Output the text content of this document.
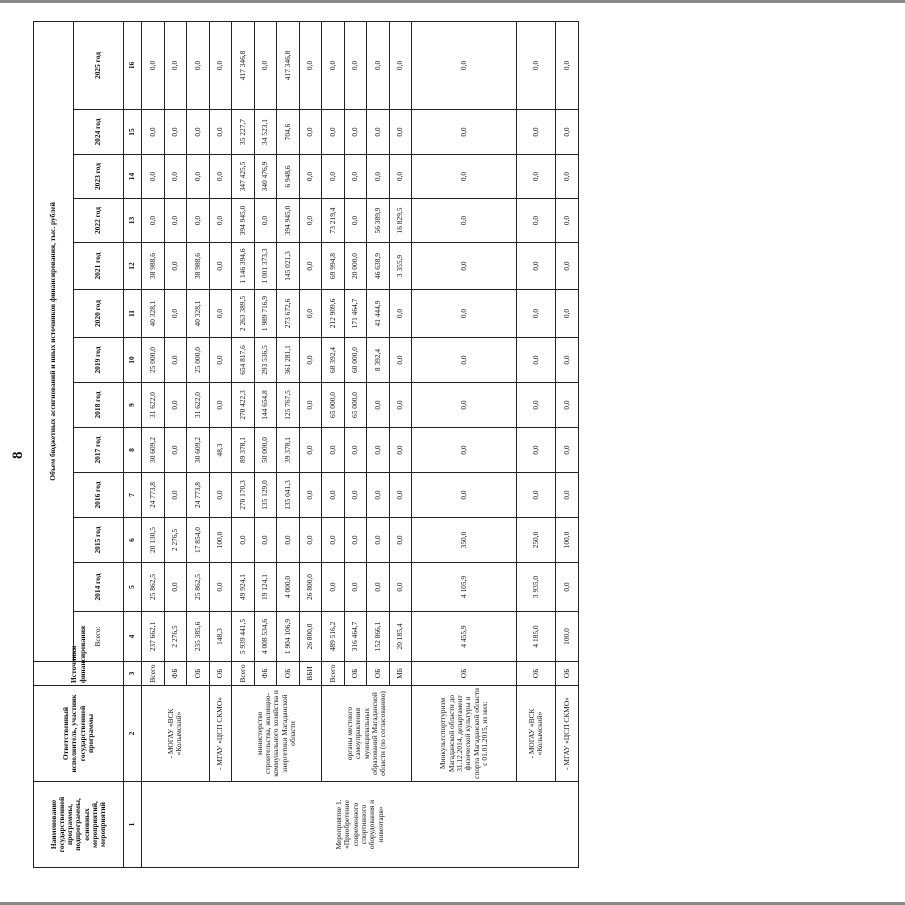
8
Наименование государственной программы, подпрограммы, основных мероприятий, мероприятий	Ответственный исполнитель, участник государственной программы	Источники финансирования	Объем бюджетных ассигнований и иных источников финансирования, тыс. рублей												
			Всего:	2014 год	2015 год	2016 год	2017 год	2018 год	2019 год	2020 год	2021 год	2022 год	2023 год	2024 год	2025 год
1	2	3	4	5	6	7	8	9	10	11	12	13	14	15	16
Мероприятие 1. «Приобретение современного спортивного оборудования и инвентаря»	- МОГАУ «ВСК «Колымский»	Всего	237 662,1	25 862,5	20 130,5	24 773,8	30 609,2	31 622,0	25 000,0	40 328,1	38 988,6	0,0	0,0	0,0	0,0
		ФБ	2 276,5	0,0	2 276,5	0,0	0,0	0,0	0,0	0,0	0,0	0,0	0,0	0,0	0,0
		ОБ	235 385,6	25 862,5	17 854,0	24 773,8	30 609,2	31 622,0	25 000,0	40 328,1	38 988,6	0,0	0,0	0,0	0,0
	- МГАУ «ЦСП СКМО»	ОБ	148,3	0,0	100,0	0,0	48,3	0,0	0,0	0,0	0,0	0,0	0,0	0,0	0,0
	министерство строительства, жилищно-коммунального хозяйства и энергетики Магаданской области	Всего	5 939 441,5	49 924,1	0,0	270 170,3	89 378,1	270 422,3	654 817,6	2 263 389,5	1 146 394,6	394 945,0	347 425,5	35 227,7	417 346,8
		ФБ	4 008 534,6	19 124,1	0,0	135 129,0	50 000,0	144 654,8	293 536,5	1 989 716,9	1 001 373,3	0,0	340 476,9	34 523,1	0,0
		ОБ	1 904 106,9	4 000,0	0,0	135 041,3	39 378,1	125 767,5	361 281,1	273 672,6	145 021,3	394 945,0	6 948,6	704,6	417 346,8
		ВБИ	26 800,0	26 800,0	0,0	0,0	0,0	0,0	0,0	0,0	0,0	0,0	0,0	0,0	0,0
	органы местного самоуправления муниципальных образований Магаданской области (по согласованию)	Всего	489 516,2	0,0	0,0	0,0	0,0	65 000,0	68 392,4	212 909,6	69 994,8	73 219,4	0,0	0,0	0,0
		ОБ	316 464,7	0,0	0,0	0,0	0,0	65 000,0	60 000,0	171 464,7	20 000,0	0,0	0,0	0,0	0,0
		ОБ	152 866,1	0,0	0,0	0,0	0,0	0,0	8 392,4	41 444,9	46 638,9	56 389,9	0,0	0,0	0,0
		МБ	20 185,4	0,0	0,0	0,0	0,0	0,0	0,0	0,0	3 355,9	16 829,5	0,0	0,0	0,0
	Минкультспорттуризм Магаданской области до 31.12.2014, департамент физической культуры и спорта Магаданской области с 01.01.2015, из них:	ОБ	4 455,9	4 105,9	350,0	0,0	0,0	0,0	0,0	0,0	0,0	0,0	0,0	0,0	0,0
	- МОГАУ «ВСК «Колымский»	ОБ	4 185,0	3 935,0	250,0	0,0	0,0	0,0	0,0	0,0	0,0	0,0	0,0	0,0	0,0
	- МГАУ «ЦСП СКМО»	ОБ	100,0	0,0	100,0	0,0	0,0	0,0	0,0	0,0	0,0	0,0	0,0	0,0	0,0
